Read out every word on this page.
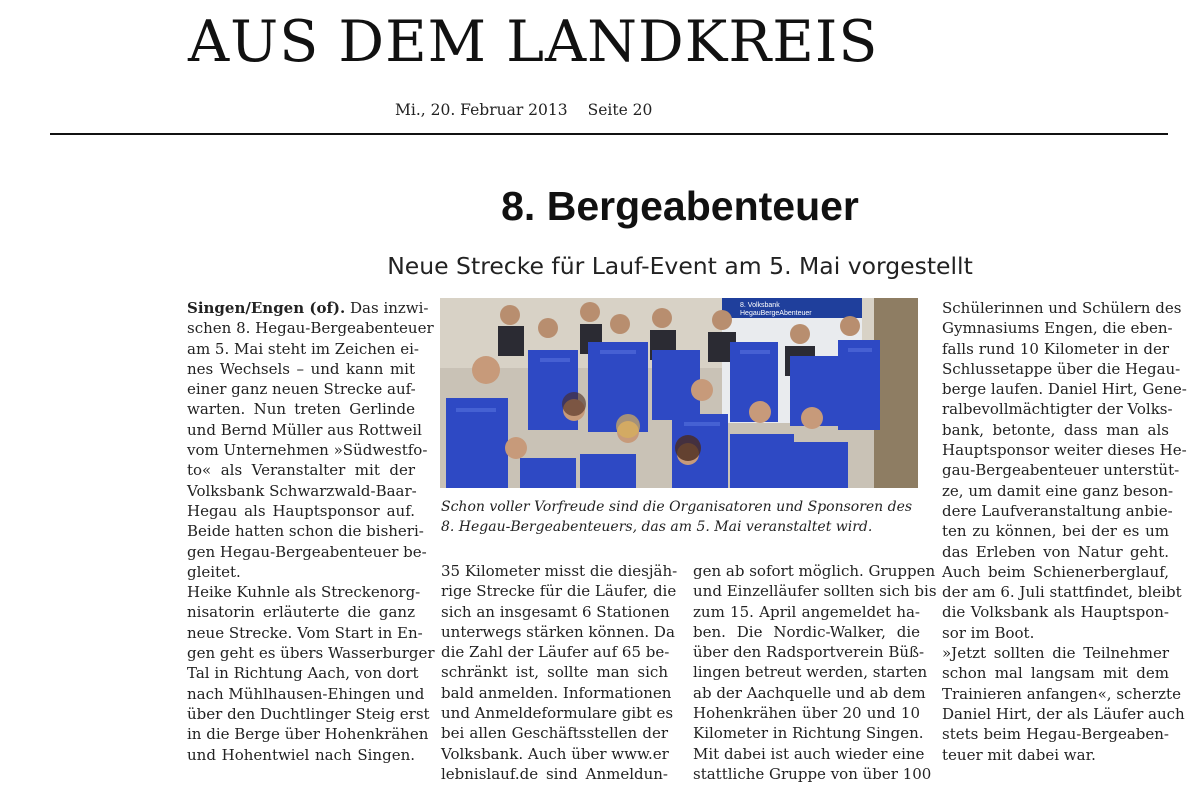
AUS DEM LANDKREIS
Mi., 20. Februar 2013 Seite 20
8. Bergeabenteuer
Neue Strecke für Lauf-Event am 5. Mai vorgestellt
Singen/Engen (of). Das inzwi-
schen 8. Hegau-Bergeabenteuer
am 5. Mai steht im Zeichen ei-
nes Wechsels – und kann mit
einer ganz neuen Strecke auf-
warten. Nun treten Gerlinde
und Bernd Müller aus Rottweil
vom Unternehmen »Südwestfo-
to« als Veranstalter mit der
Volksbank Schwarzwald-Baar-
Hegau als Hauptsponsor auf.
Beide hatten schon die bisheri-
gen Hegau-Bergeabenteuer be-
gleitet.
Heike Kuhnle als Streckenorg-
nisatorin erläuterte die ganz
neue Strecke. Vom Start in En-
gen geht es übers Wasserburger
Tal in Richtung Aach, von dort
nach Mühlhausen-Ehingen und
über den Duchtlinger Steig erst
in die Berge über Hohenkrähen
und Hohentwiel nach Singen.
8. Volksbank
HegauBergeAbenteuer
Schon voller Vorfreude sind die Organisatoren und Sponsoren des
8. Hegau-Bergeabenteuers, das am 5. Mai veranstaltet wird.
35 Kilometer misst die diesjäh-
rige Strecke für die Läufer, die
sich an insgesamt 6 Stationen
unterwegs stärken können. Da
die Zahl der Läufer auf 65 be-
schränkt ist, sollte man sich
bald anmelden. Informationen
und Anmeldeformulare gibt es
bei allen Geschäftsstellen der
Volksbank. Auch über www.er
lebnislauf.de sind Anmeldun-
gen ab sofort möglich. Gruppen
und Einzelläufer sollten sich bis
zum 15. April angemeldet ha-
ben. Die Nordic-Walker, die
über den Radsportverein Büß-
lingen betreut werden, starten
ab der Aachquelle und ab dem
Hohenkrähen über 20 und 10
Kilometer in Richtung Singen.
Mit dabei ist auch wieder eine
stattliche Gruppe von über 100
Schülerinnen und Schülern des
Gymnasiums Engen, die eben-
falls rund 10 Kilometer in der
Schlussetappe über die Hegau-
berge laufen. Daniel Hirt, Gene-
ralbevollmächtigter der Volks-
bank, betonte, dass man als
Hauptsponsor weiter dieses He-
gau-Bergeabenteuer unterstüt-
ze, um damit eine ganz beson-
dere Laufveranstaltung anbie-
ten zu können, bei der es um
das Erleben von Natur geht.
Auch beim Schienerberglauf,
der am 6. Juli stattfindet, bleibt
die Volksbank als Hauptspon-
sor im Boot.
»Jetzt sollten die Teilnehmer
schon mal langsam mit dem
Trainieren anfangen«, scherzte
Daniel Hirt, der als Läufer auch
stets beim Hegau-Bergeaben-
teuer mit dabei war.
